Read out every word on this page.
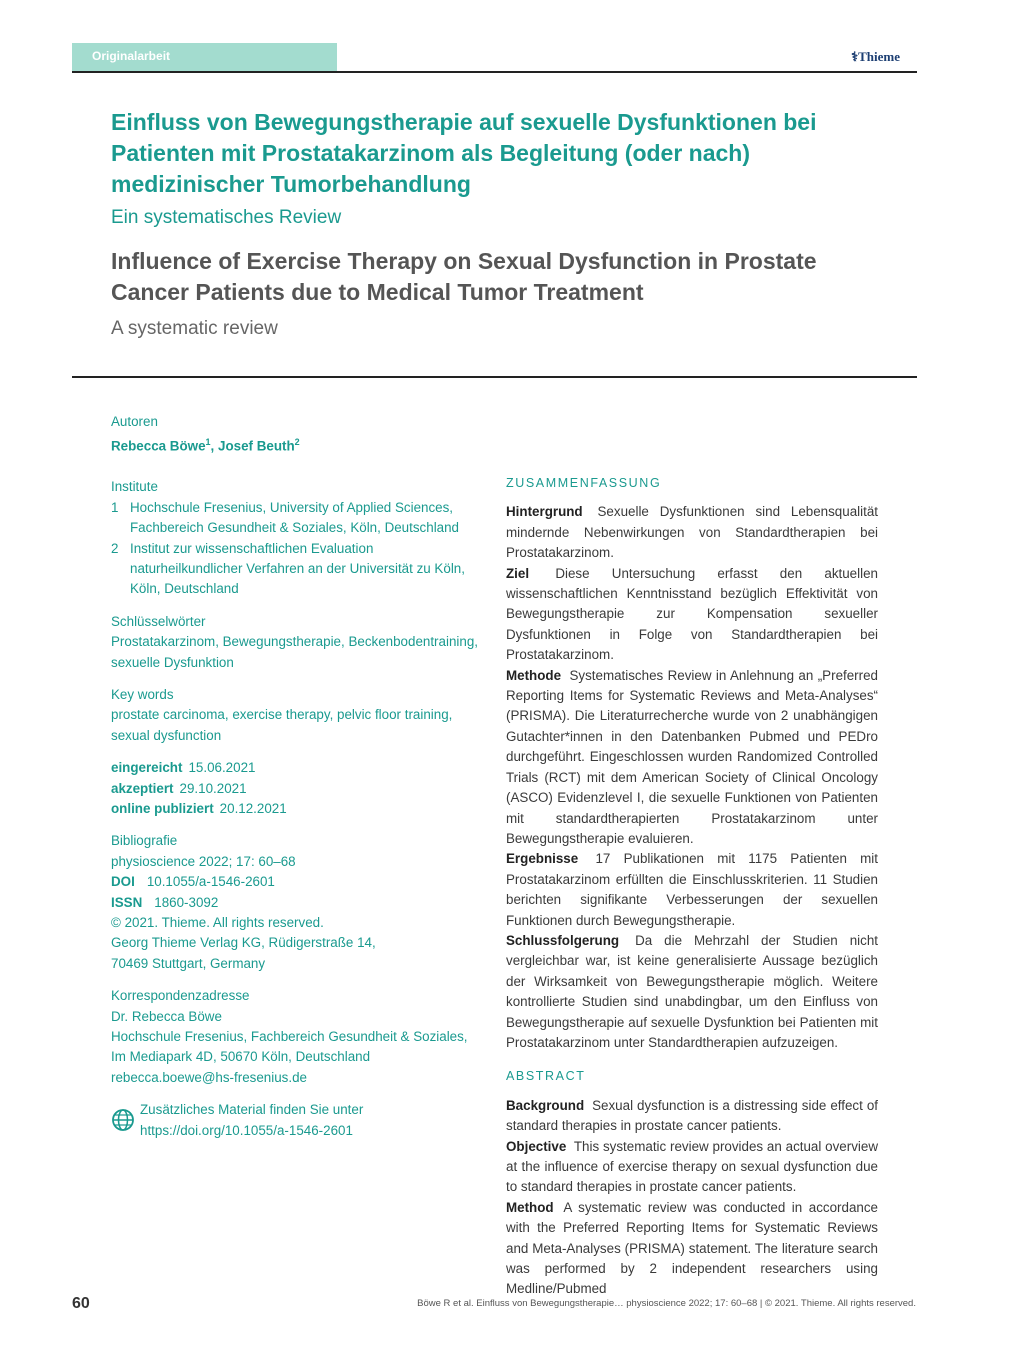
Originalarbeit	⚕Thieme
Einfluss von Bewegungstherapie auf sexuelle Dysfunktionen bei Patienten mit Prostatakarzinom als Begleitung (oder nach) medizinischer Tumorbehandlung
Ein systematisches Review
Influence of Exercise Therapy on Sexual Dysfunction in Prostate Cancer Patients due to Medical Tumor Treatment
A systematic review
Autoren
Rebecca Böwe$^1$, Josef Beuth$^2$
Institute
1 Hochschule Fresenius, University of Applied Sciences, Fachbereich Gesundheit & Soziales, Köln, Deutschland
2 Institut zur wissenschaftlichen Evaluation naturheilkundlicher Verfahren an der Universität zu Köln, Köln, Deutschland
Schlüsselwörter
Prostatakarzinom, Bewegungstherapie, Beckenbodentraining, sexuelle Dysfunktion
Key words
prostate carcinoma, exercise therapy, pelvic floor training, sexual dysfunction
eingereicht 15.06.2021
akzeptiert 29.10.2021
online publiziert 20.12.2021
Bibliografie
physioscience 2022; 17: 60–68
DOI 10.1055/a-1546-2601
ISSN 1860-3092
© 2021. Thieme. All rights reserved.
Georg Thieme Verlag KG, Rüdigerstraße 14,
70469 Stuttgart, Germany
Korrespondenzadresse
Dr. Rebecca Böwe
Hochschule Fresenius, Fachbereich Gesundheit & Soziales,
Im Mediapark 4D, 50670 Köln, Deutschland
rebecca.boewe@hs-fresenius.de
Zusätzliches Material finden Sie unter
https://doi.org/10.1055/a-1546-2601
ZUSAMMENFASSUNG

Hintergrund Sexuelle Dysfunktionen sind Lebensqualität mindernde Nebenwirkungen von Standardtherapien bei Prostatakarzinom.

Ziel Diese Untersuchung erfasst den aktuellen wissenschaftlichen Kenntnisstand bezüglich Effektivität von Bewegungstherapie zur Kompensation sexueller Dysfunktionen in Folge von Standardtherapien bei Prostatakarzinom.

Methode Systematisches Review in Anlehnung an „Preferred Reporting Items for Systematic Reviews and Meta-Analyses“ (PRISMA). Die Literaturrecherche wurde von 2 unabhängigen Gutachter*innen in den Datenbanken Pubmed und PEDro durchgeführt. Eingeschlossen wurden Randomized Controlled Trials (RCT) mit dem American Society of Clinical Oncology (ASCO) Evidenzlevel I, die sexuelle Funktionen von Patienten mit standardtherapierten Prostatakarzinom unter Bewegungstherapie evaluieren.

Ergebnisse 17 Publikationen mit 1175 Patienten mit Prostatakarzinom erfüllten die Einschlusskriterien. 11 Studien berichten signifikante Verbesserungen der sexuellen Funktionen durch Bewegungstherapie.

Schlussfolgerung Da die Mehrzahl der Studien nicht vergleichbar war, ist keine generalisierte Aussage bezüglich der Wirksamkeit von Bewegungstherapie möglich. Weitere kontrollierte Studien sind unabdingbar, um den Einfluss von Bewegungstherapie auf sexuelle Dysfunktion bei Patienten mit Prostatakarzinom unter Standardtherapien aufzuzeigen.

ABSTRACT

Background Sexual dysfunction is a distressing side effect of standard therapies in prostate cancer patients.

Objective This systematic review provides an actual overview at the influence of exercise therapy on sexual dysfunction due to standard therapies in prostate cancer patients.

Method A systematic review was conducted in accordance with the Preferred Reporting Items for Systematic Reviews and Meta-Analyses (PRISMA) statement. The literature search was performed by 2 independent researchers using Medline/Pubmed

60	Böwe R et al. Einfluss von Bewegungstherapie… physioscience 2022; 17: 60–68 | © 2021. Thieme. All rights reserved.
